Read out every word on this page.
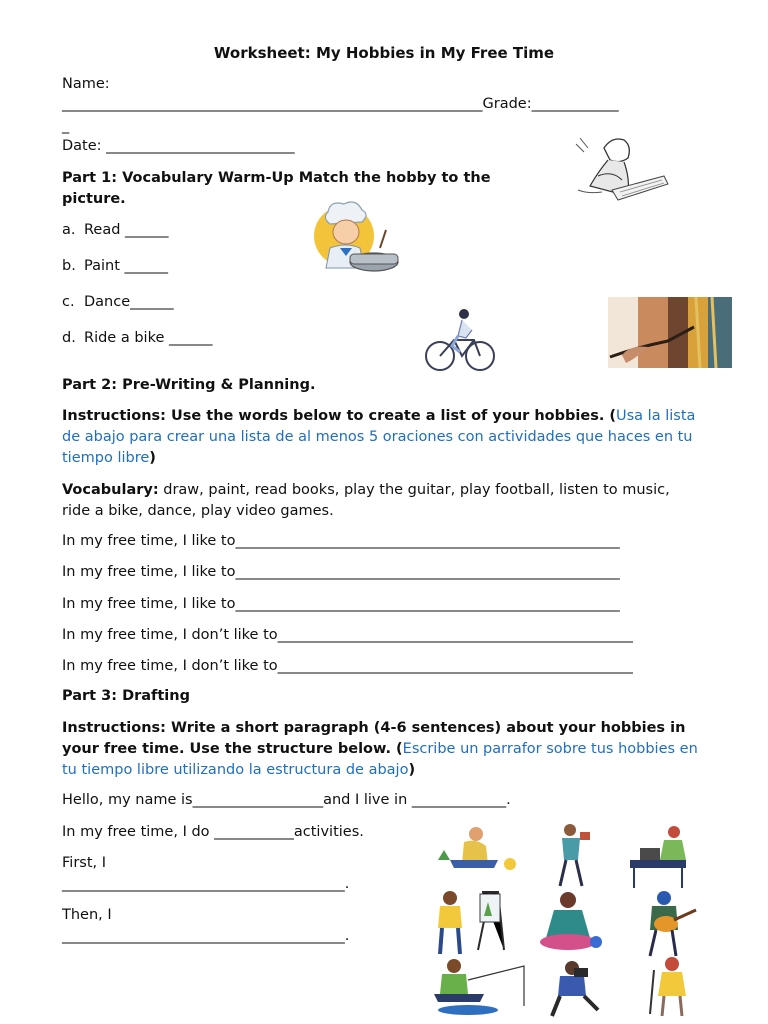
Worksheet: My Hobbies in My Free Time
Name:
__________________________________________________________Grade:____________
_
Date: __________________________
Part 1: Vocabulary Warm-Up Match the hobby to the picture.
a. Read ______
b. Paint ______
c. Dance______
d. Ride a bike ______
Part 2: Pre-Writing & Planning.
Instructions: Use the words below to create a list of your hobbies. (Usa la lista de abajo para crear una lista de al menos 5 oraciones con actividades que haces en tu tiempo libre)
Vocabulary: draw, paint, read books, play the guitar, play football, listen to music, ride a bike, dance, play video games.
In my free time, I like to_____________________________________________________
In my free time, I like to_____________________________________________________
In my free time, I like to_____________________________________________________
In my free time, I don’t like to_________________________________________________
In my free time, I don’t like to_________________________________________________
Part 3: Drafting
Instructions: Write a short paragraph (4-6 sentences) about your hobbies in your free time. Use the structure below. (Escribe un parrafor sobre tus hobbies en tu tiempo libre utilizando la estructura de abajo)
Hello, my name is__________________and I live in _____________.
In my free time, I do ___________activities.
First, I
_______________________________________.
Then, I
_______________________________________.
